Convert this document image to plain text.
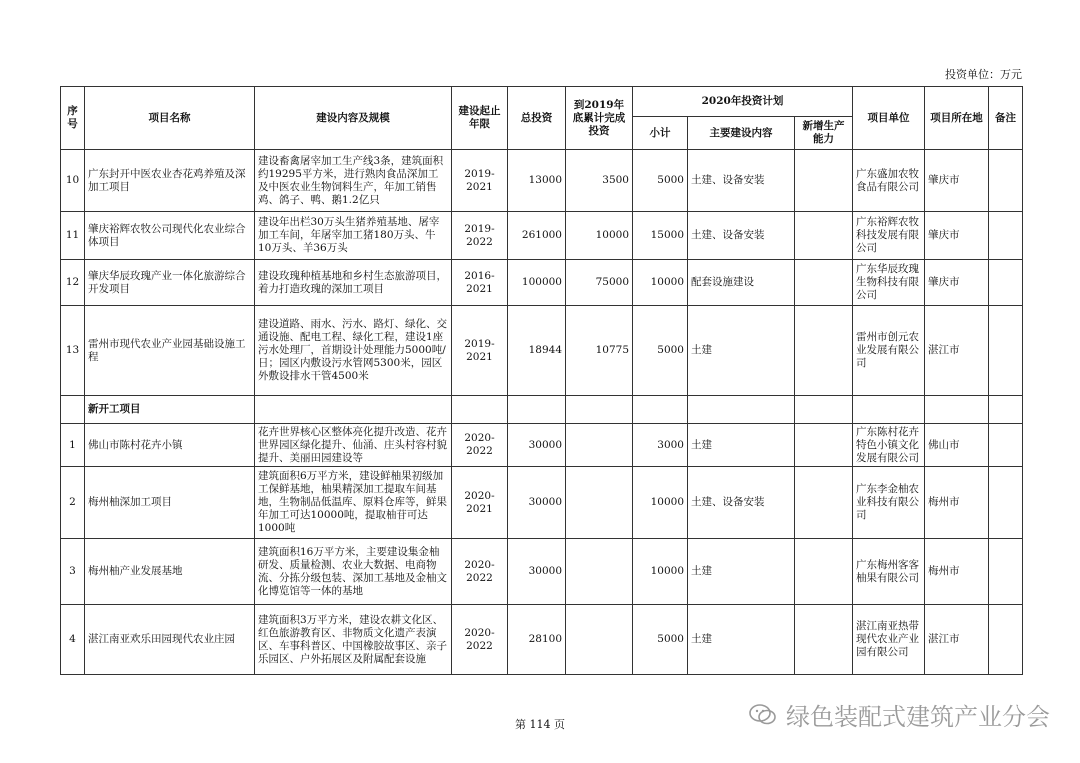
投资单位：万元
序号	项目名称	建设内容及规模	建设起止年限	总投资	到2019年底累计完成投资	2020年投资计划			项目单位	项目所在地	备注
						小计	主要建设内容	新增生产能力			
10	广东封开中医农业杏花鸡养殖及深加工项目	建设畜禽屠宰加工生产线3条，建筑面积约19295平方米，进行熟肉食品深加工及中医农业生物饲料生产，年加工销售鸡、鸽子、鸭、鹅1.2亿只	2019-2021	13000	3500	5000	土建、设备安装		广东盛加农牧食品有限公司	肇庆市	
11	肇庆裕辉农牧公司现代化农业综合体项目	建设年出栏30万头生猪养殖基地、屠宰加工车间，年屠宰加工猪180万头、牛10万头、羊36万头	2019-2022	261000	10000	15000	土建、设备安装		广东裕辉农牧科技发展有限公司	肇庆市	
12	肇庆华辰玫瑰产业一体化旅游综合开发项目	建设玫瑰种植基地和乡村生态旅游项目，着力打造玫瑰的深加工项目	2016-2021	100000	75000	10000	配套设施建设		广东华辰玫瑰生物科技有限公司	肇庆市	
13	雷州市现代农业产业园基础设施工程	建设道路、雨水、污水、路灯、绿化、交通设施、配电工程、绿化工程，建设1座污水处理厂，首期设计处理能力5000吨/日；园区内敷设污水管网5300米，园区外敷设排水干管4500米	2019-2021	18944	10775	5000	土建		雷州市创元农业发展有限公司	湛江市	
	新开工项目										
1	佛山市陈村花卉小镇	花卉世界核心区整体亮化提升改造、花卉世界园区绿化提升、仙涌、庄头村容村貌提升、美丽田园建设等	2020-2022	30000		3000	土建		广东陈村花卉特色小镇文化发展有限公司	佛山市	
2	梅州柚深加工项目	建筑面积6万平方米，建设鲜柚果初级加工保鲜基地，柚果精深加工提取车间基地，生物制品低温库、原料仓库等，鲜果年加工可达10000吨，提取柚苷可达1000吨	2020-2021	30000		10000	土建、设备安装		广东李金柚农业科技有限公司	梅州市	
3	梅州柚产业发展基地	建筑面积16万平方米，主要建设集金柚研发、质量检测、农业大数据、电商物流、分拣分级包装、深加工基地及金柚文化博览馆等一体的基地	2020-2022	30000		10000	土建		广东梅州客客柚果有限公司	梅州市	
4	湛江南亚欢乐田园现代农业庄园	建筑面积3万平方米，建设农耕文化区、红色旅游教育区、非物质文化遗产表演区、车事科普区、中国橡胶故事区、亲子乐园区、户外拓展区及附属配套设施	2020-2022	28100		5000	土建		湛江南亚热带现代农业产业园有限公司	湛江市	
第 114 页	绿色装配式建筑产业分会
